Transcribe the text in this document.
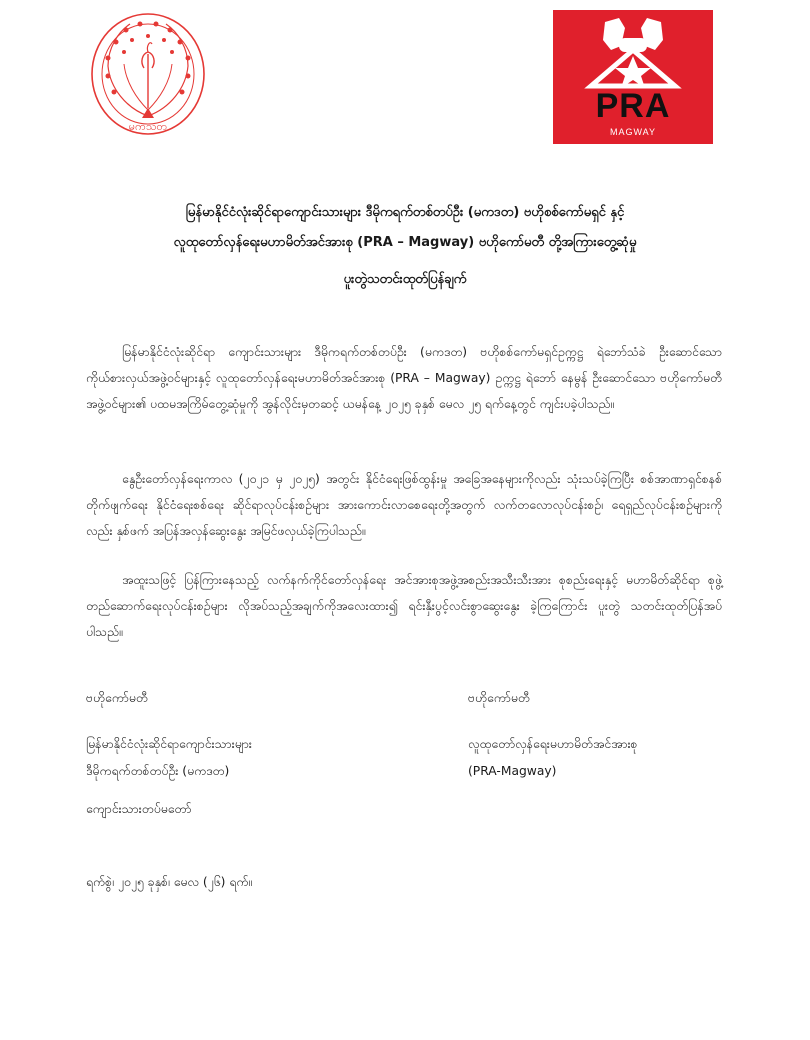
မကသတ
PRA
MAGWAY
မြန်မာနိုင်ငံလုံးဆိုင်ရာကျောင်းသားများ ဒီမိုကရက်တစ်တပ်ဦး (မကဒတ) ဗဟိုစစ်ကော်မရှင် နှင့်
လူထုတော်လှန်ရေးမဟာမိတ်အင်အားစု (PRA – Magway) ဗဟိုကော်မတီ တို့အကြားတွေ့ဆုံမှု
ပူးတွဲသတင်းထုတ်ပြန်ချက်
မြန်မာနိုင်ငံလုံးဆိုင်ရာ ကျောင်းသားများ ဒီမိုကရက်တစ်တပ်ဦး (မကဒတ) ဗဟိုစစ်ကော်မရှင်ဥက္ကဋ္ဌ ရဲဘော်သံခဲ ဦးဆောင်သော ကိုယ်စားလှယ်အဖွဲ့ဝင်များနှင့် လူထုတော်လှန်ရေးမဟာမိတ်အင်အားစု (PRA – Magway) ဥက္ကဋ္ဌ ရဲဘော် နေမွန် ဦးဆောင်သော ဗဟိုကော်မတီအဖွဲ့ဝင်များ၏ ပထမအကြိမ်တွေ့ဆုံမှုကို အွန်လိုင်းမှတဆင့် ယမန်နေ့ ၂၀၂၅ ခုနှစ် မေလ ၂၅ ရက်နေ့တွင် ကျင်းပခဲ့ပါသည်။
နွေဦးတော်လှန်ရေးကာလ (၂၀၂၁ မှ ၂၀၂၅) အတွင်း နိုင်ငံရေးဖြစ်ထွန်းမှု အခြေအနေများကိုလည်း သုံးသပ်ခဲ့ကြပြီး စစ်အာဏာရှင်စနစ်တိုက်ဖျက်ရေး နိုင်ငံရေးစစ်ရေး ဆိုင်ရာလုပ်ငန်းစဉ်များ အားကောင်းလာစေရေးတို့အတွက် လက်တလောလုပ်ငန်းစဉ်၊ ရေရှည်လုပ်ငန်းစဉ်များကိုလည်း နှစ်ဖက် အပြန်အလှန်ဆွေးနွေး အမြင်ဖလှယ်ခဲ့ကြပါသည်။
အထူးသဖြင့် ပြန်ကြားနေသည့် လက်နက်ကိုင်တော်လှန်ရေး အင်အားစုအဖွဲ့အစည်းအသီးသီးအား စုစည်းရေးနှင့် မဟာမိတ်ဆိုင်ရာ စုဖွဲ့တည်ဆောက်ရေးလုပ်ငန်းစဉ်များ လိုအပ်သည့်အချက်ကိုအလေးထား၍ ရင်းနှီးပွင့်လင်းစွာဆွေးနွေး ခဲ့ကြကြောင်း ပူးတွဲ သတင်းထုတ်ပြန်အပ်ပါသည်။
ဗဟိုကော်မတီ
မြန်မာနိုင်ငံလုံးဆိုင်ရာကျောင်းသားများ
ဒီမိုကရက်တစ်တပ်ဦး (မကဒတ)
ကျောင်းသားတပ်မတော်
ဗဟိုကော်မတီ
လူထုတော်လှန်ရေးမဟာမိတ်အင်အားစု
(PRA-Magway)
ရက်စွဲ၊ ၂၀၂၅ ခုနှစ်၊ မေလ (၂၆) ရက်။
